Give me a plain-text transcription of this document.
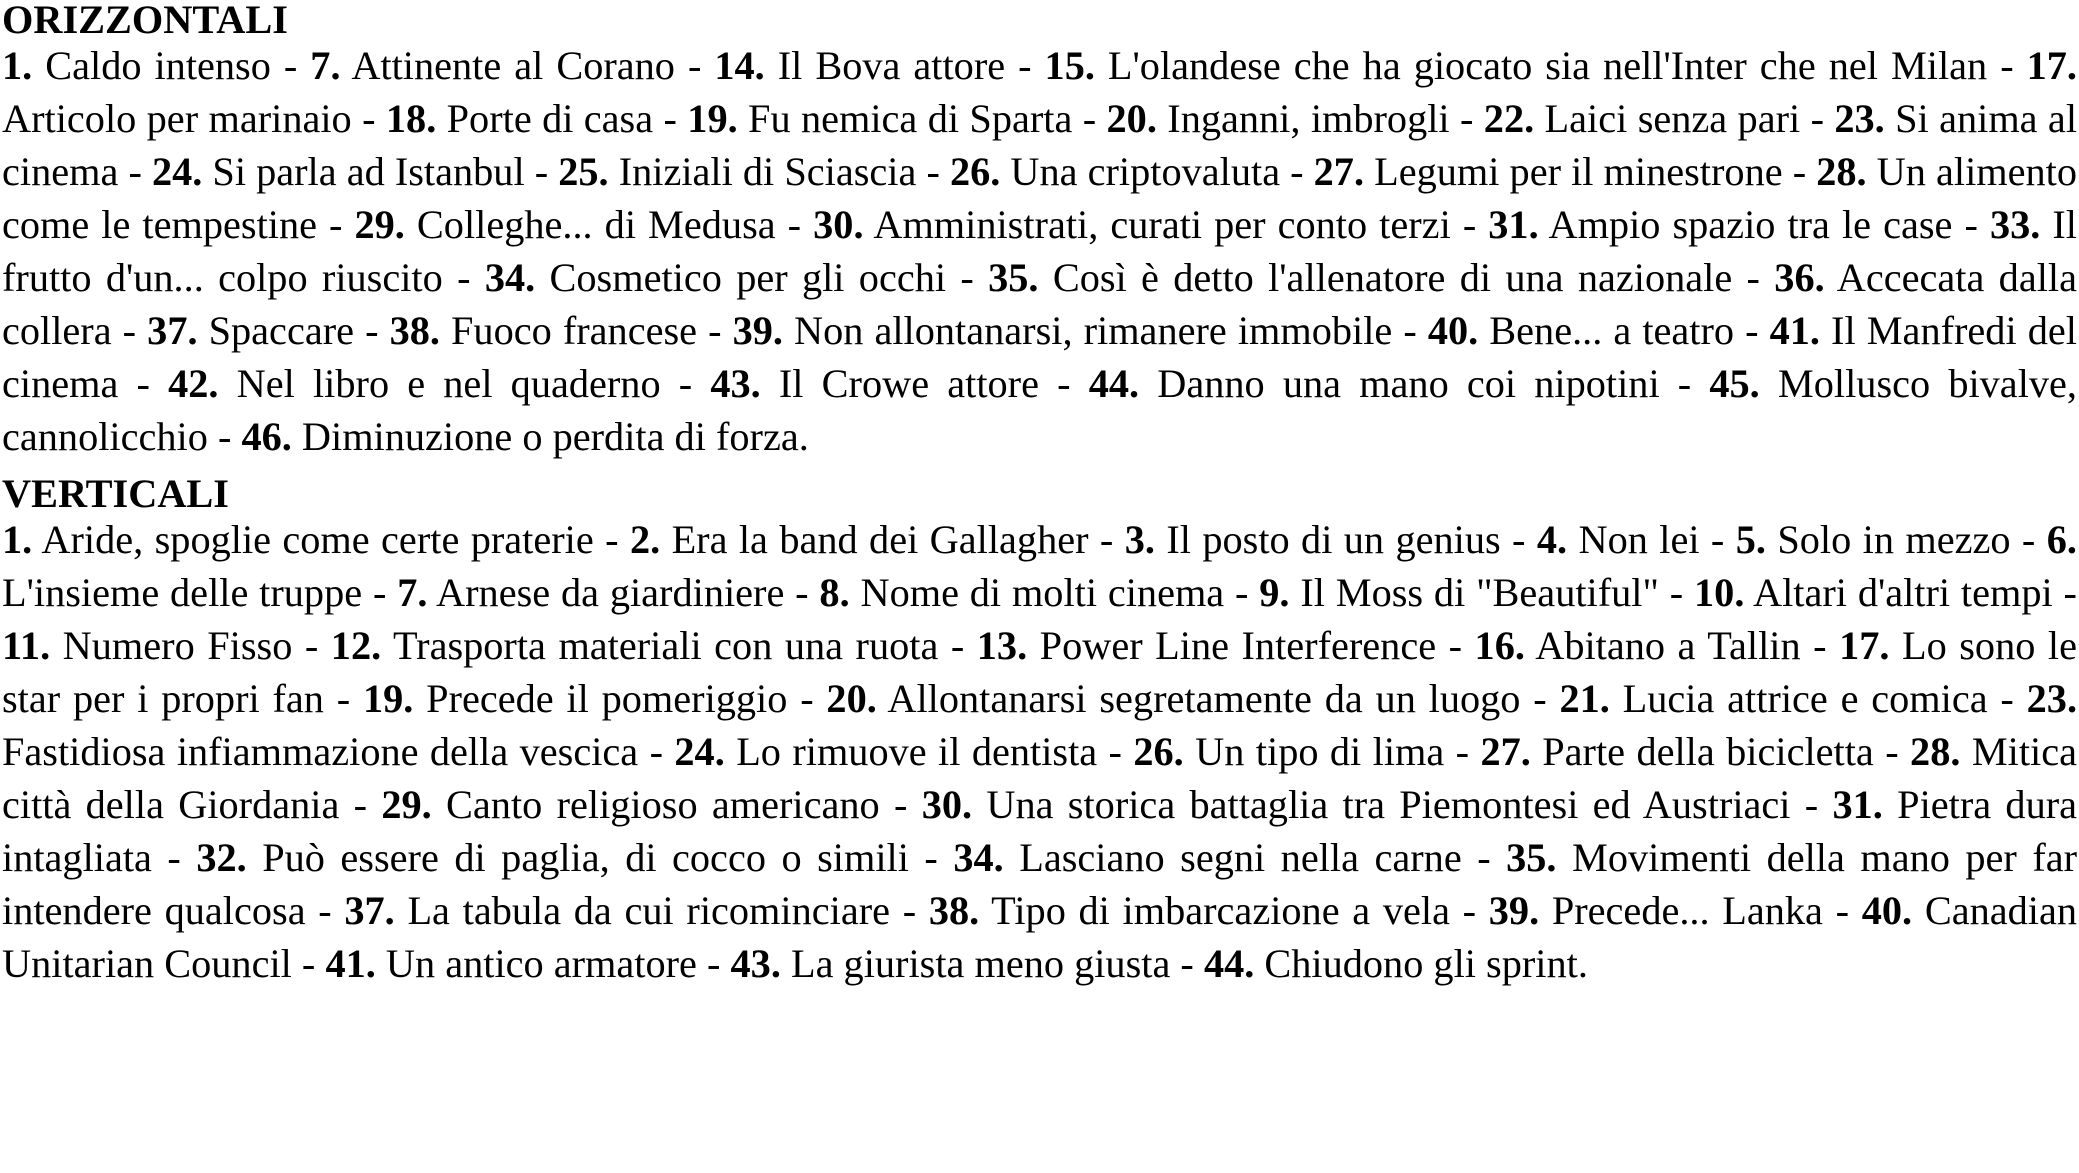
ORIZZONTALI
1. Caldo intenso - 7. Attinente al Corano - 14. Il Bova attore - 15. L'olandese che ha giocato sia nell'Inter che nel Milan - 17. Articolo per marinaio - 18. Porte di casa - 19. Fu nemica di Sparta - 20. Inganni, imbrogli - 22. Laici senza pari - 23. Si anima al cinema - 24. Si parla ad Istanbul - 25. Iniziali di Sciascia - 26. Una criptovaluta - 27. Legumi per il minestrone - 28. Un alimento come le tempestine - 29. Colleghe... di Medusa - 30. Amministrati, curati per conto terzi - 31. Ampio spazio tra le case - 33. Il frutto d'un... colpo riuscito - 34. Cosmetico per gli occhi - 35. Così è detto l'allenatore di una nazionale - 36. Accecata dalla collera - 37. Spaccare - 38. Fuoco francese - 39. Non allontanarsi, rimanere immobile - 40. Bene... a teatro - 41. Il Manfredi del cinema - 42. Nel libro e nel quaderno - 43. Il Crowe attore - 44. Danno una mano coi nipotini - 45. Mollusco bivalve, cannolicchio - 46. Diminuzione o perdita di forza.
VERTICALI
1. Aride, spoglie come certe praterie - 2. Era la band dei Gallagher - 3. Il posto di un genius - 4. Non lei - 5. Solo in mezzo - 6. L'insieme delle truppe - 7. Arnese da giardiniere - 8. Nome di molti cinema - 9. Il Moss di "Beautiful" - 10. Altari d'altri tempi - 11. Numero Fisso - 12. Trasporta materiali con una ruota - 13. Power Line Interference - 16. Abitano a Tallin - 17. Lo sono le star per i propri fan - 19. Precede il pomeriggio - 20. Allontanarsi segretamente da un luogo - 21. Lucia attrice e comica - 23. Fastidiosa infiammazione della vescica - 24. Lo rimuove il dentista - 26. Un tipo di lima - 27. Parte della bicicletta - 28. Mitica città della Giordania - 29. Canto religioso americano - 30. Una storica battaglia tra Piemontesi ed Austriaci - 31. Pietra dura intagliata - 32. Può essere di paglia, di cocco o simili - 34. Lasciano segni nella carne - 35. Movimenti della mano per far intendere qualcosa - 37. La tabula da cui ricominciare - 38. Tipo di imbarcazione a vela - 39. Precede... Lanka - 40. Canadian Unitarian Council - 41. Un antico armatore - 43. La giurista meno giusta - 44. Chiudono gli sprint.
